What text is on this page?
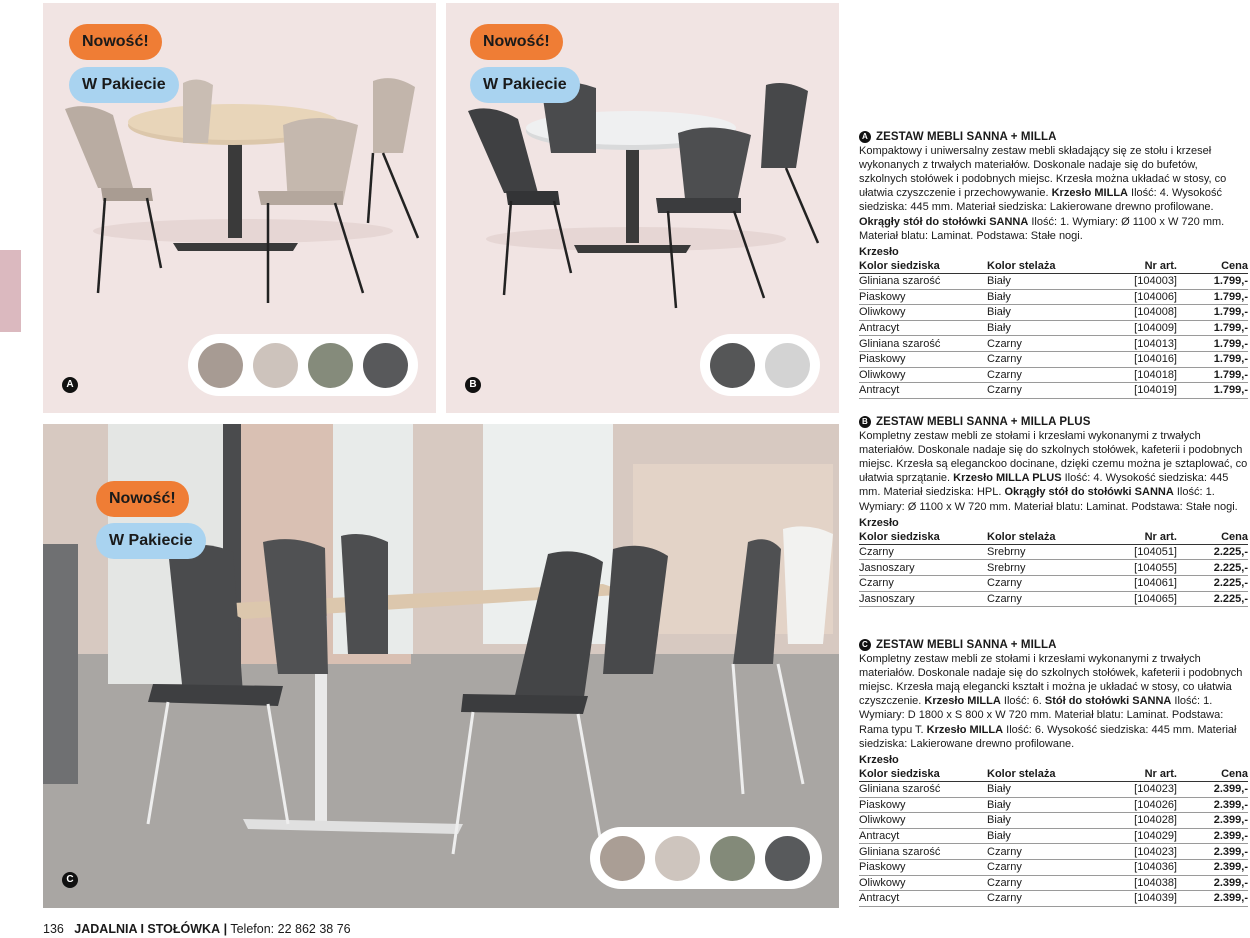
Nowość!
W Pakiecie
A
Nowość!
W Pakiecie
B
Nowość!
W Pakiecie
C
A ZESTAW MEBLI SANNA + MILLA

Kompaktowy i uniwersalny zestaw mebli składający się ze stołu i krzeseł wykonanych z trwałych materiałów. Doskonale nadaje się do bufetów, szkolnych stołówek i podobnych miejsc. Krzesła można układać w stosy, co ułatwia czyszczenie i przechowywanie. Krzesło MILLA Ilość: 4. Wysokość siedziska: 445 mm. Materiał siedziska: Lakierowane drewno profilowane. Okrągły stół do stołówki SANNA Ilość: 1. Wymiary: Ø 1100 x W 720 mm. Materiał blatu: Laminat. Podstawa: Stałe nogi.

Krzesło
Kolor siedziska	Kolor stelaża	Nr art.	Cena
Gliniana szarość	Biały	[104003]	1.799,-
Piaskowy	Biały	[104006]	1.799,-
Oliwkowy	Biały	[104008]	1.799,-
Antracyt	Biały	[104009]	1.799,-
Gliniana szarość	Czarny	[104013]	1.799,-
Piaskowy	Czarny	[104016]	1.799,-
Oliwkowy	Czarny	[104018]	1.799,-
Antracyt	Czarny	[104019]	1.799,-
B ZESTAW MEBLI SANNA + MILLA PLUS

Kompletny zestaw mebli ze stołami i krzesłami wykonanymi z trwałych materiałów. Doskonale nadaje się do szkolnych stołówek, kafeterii i podobnych miejsc. Krzesła są eleganckoo docinane, dzięki czemu można je sztaplować, co ułatwia sprzątanie. Krzesło MILLA PLUS Ilość: 4. Wysokość siedziska: 445 mm. Materiał siedziska: HPL. Okrągły stół do stołówki SANNA Ilość: 1. Wymiary: Ø 1100 x W 720 mm. Materiał blatu: Laminat. Podstawa: Stałe nogi.

Krzesło
Kolor siedziska	Kolor stelaża	Nr art.	Cena
Czarny	Srebrny	[104051]	2.225,-
Jasnoszary	Srebrny	[104055]	2.225,-
Czarny	Czarny	[104061]	2.225,-
Jasnoszary	Czarny	[104065]	2.225,-
C ZESTAW MEBLI SANNA + MILLA

Kompletny zestaw mebli ze stołami i krzesłami wykonanymi z trwałych materiałów. Doskonale nadaje się do szkolnych stołówek, kafeterii i podobnych miejsc. Krzesła mają elegancki kształt i można je układać w stosy, co ułatwia czyszczenie. Krzesło MILLA Ilość: 6. Stół do stołówki SANNA Ilość: 1. Wymiary: D 1800 x S 800 x W 720 mm. Materiał blatu: Laminat. Podstawa: Rama typu T. Krzesło MILLA Ilość: 6. Wysokość siedziska: 445 mm. Materiał siedziska: Lakierowane drewno profilowane.

Krzesło
Kolor siedziska	Kolor stelaża	Nr art.	Cena
Gliniana szarość	Biały	[104023]	2.399,-
Piaskowy	Biały	[104026]	2.399,-
Oliwkowy	Biały	[104028]	2.399,-
Antracyt	Biały	[104029]	2.399,-
Gliniana szarość	Czarny	[104023]	2.399,-
Piaskowy	Czarny	[104036]	2.399,-
Oliwkowy	Czarny	[104038]	2.399,-
Antracyt	Czarny	[104039]	2.399,-
136 JADALNIA I STOŁÓWKA | Telefon: 22 862 38 76
